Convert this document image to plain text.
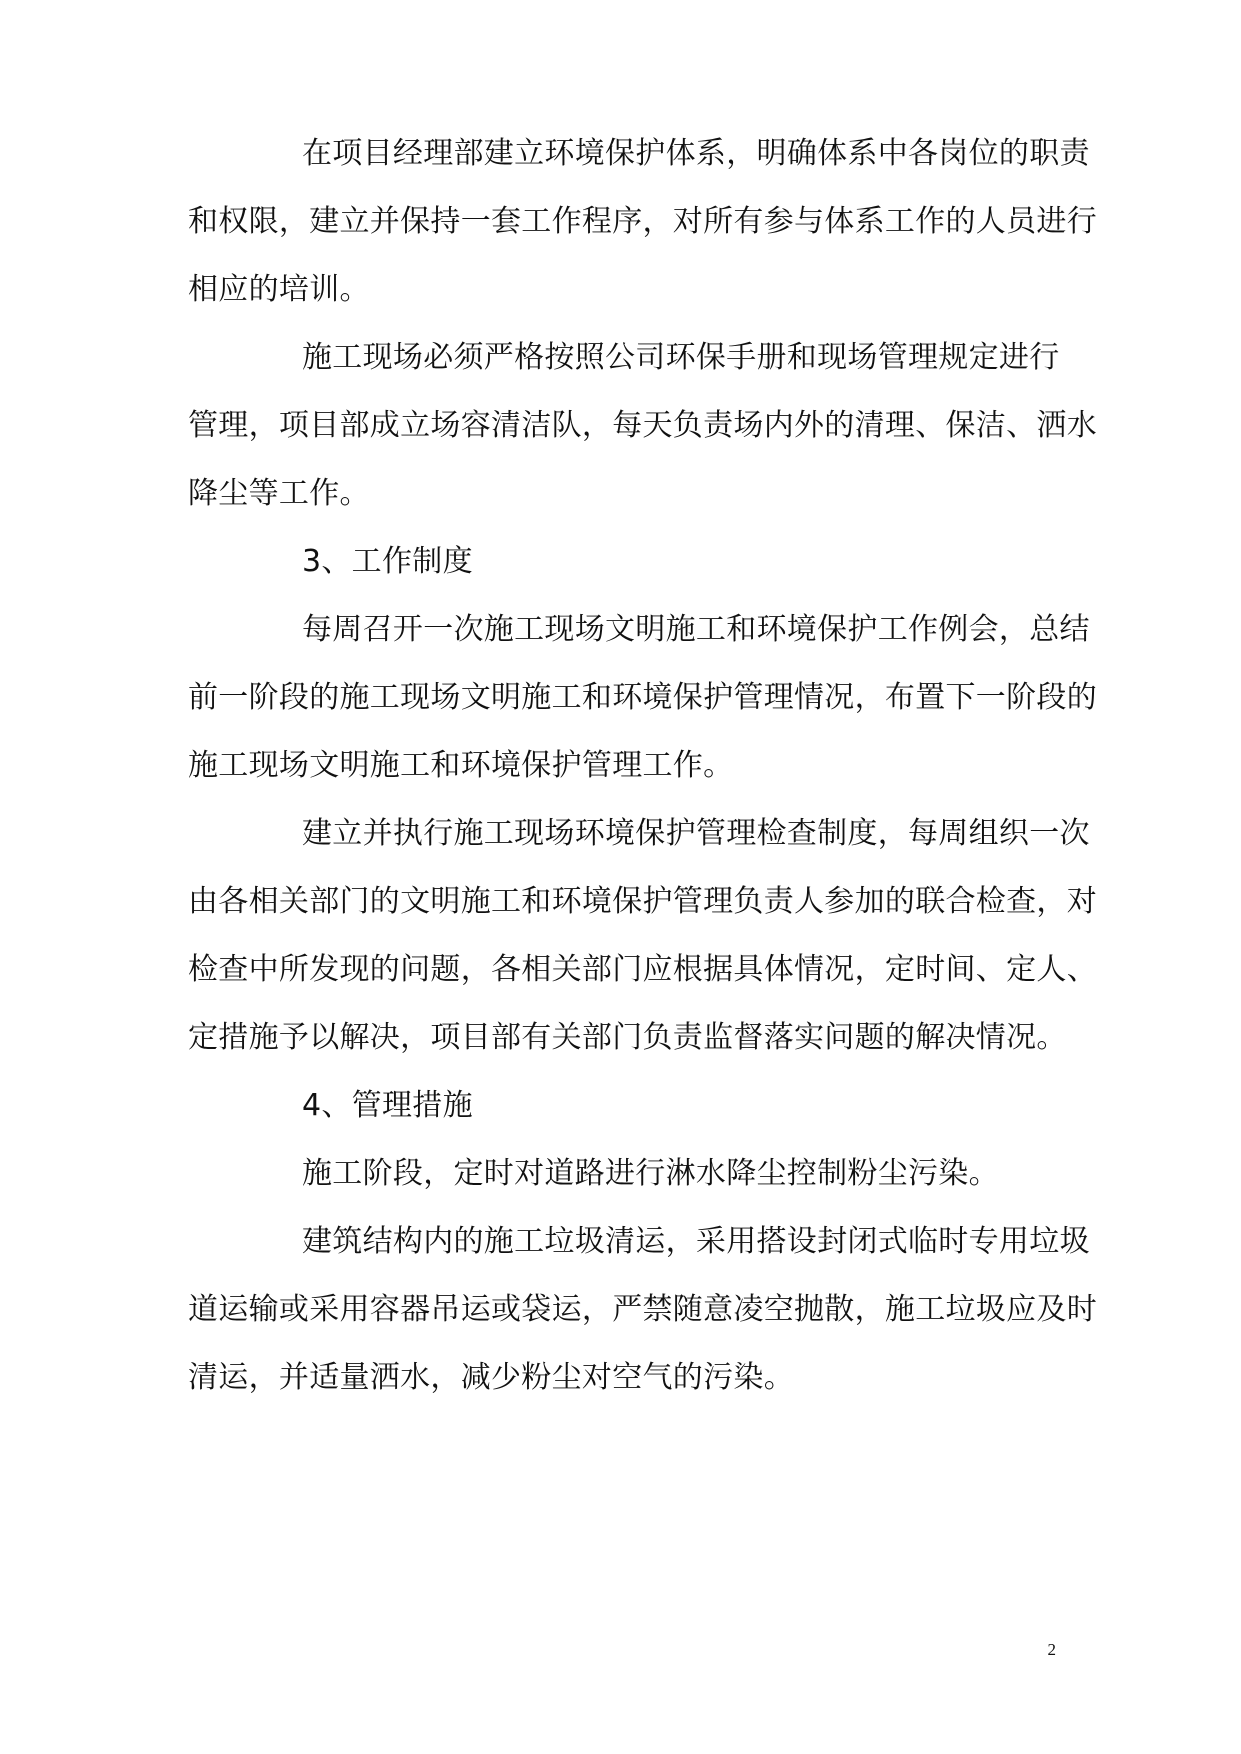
在项目经理部建立环境保护体系，明确体系中各岗位的职责
和权限，建立并保持一套工作程序，对所有参与体系工作的人员进行
相应的培训。
施工现场必须严格按照公司环保手册和现场管理规定进行
管理，项目部成立场容清洁队，每天负责场内外的清理、保洁、洒水
降尘等工作。
3、工作制度
每周召开一次施工现场文明施工和环境保护工作例会，总结
前一阶段的施工现场文明施工和环境保护管理情况，布置下一阶段的
施工现场文明施工和环境保护管理工作。
建立并执行施工现场环境保护管理检查制度，每周组织一次
由各相关部门的文明施工和环境保护管理负责人参加的联合检查，对
检查中所发现的问题，各相关部门应根据具体情况，定时间、定人、
定措施予以解决，项目部有关部门负责监督落实问题的解决情况。
4、管理措施
施工阶段，定时对道路进行淋水降尘控制粉尘污染。
建筑结构内的施工垃圾清运，采用搭设封闭式临时专用垃圾
道运输或采用容器吊运或袋运，严禁随意凌空抛散，施工垃圾应及时
清运，并适量洒水，减少粉尘对空气的污染。
2
